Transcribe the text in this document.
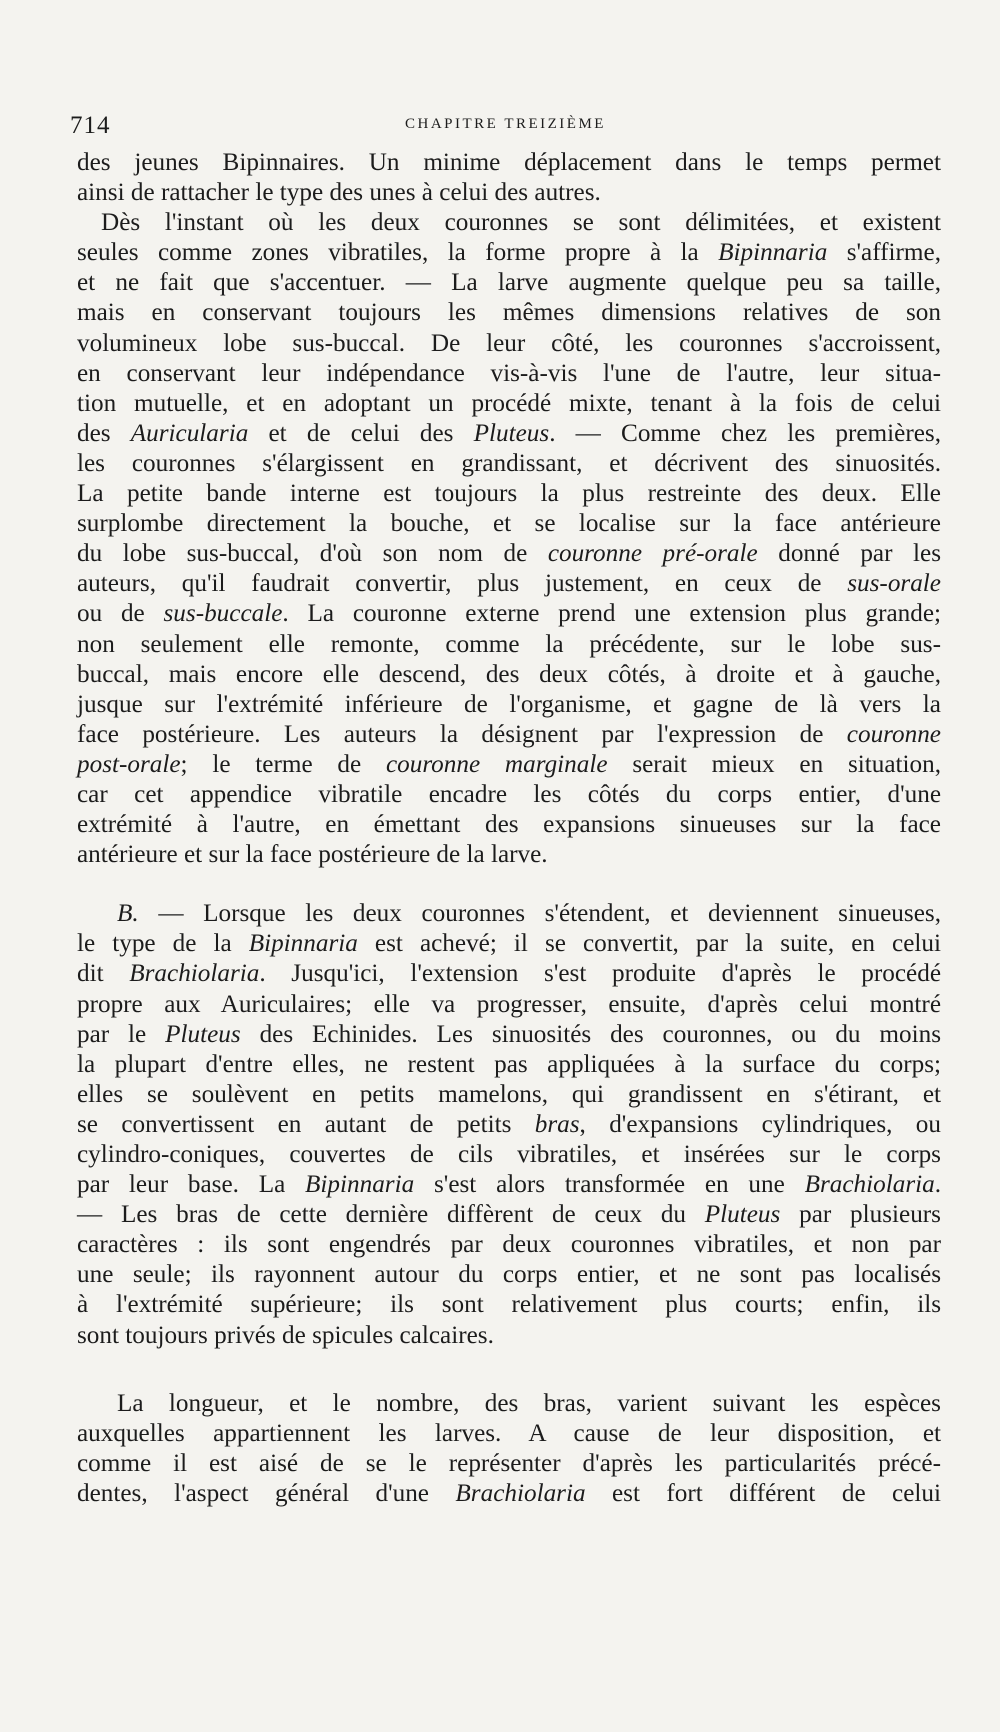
714	CHAPITRE TREIZIÈME
des jeunes Bipinnaires. Un minime déplacement dans le temps permet
ainsi de rattacher le type des unes à celui des autres.
Dès l'instant où les deux couronnes se sont délimitées, et existent
seules comme zones vibratiles, la forme propre à la Bipinnaria s'affirme,
et ne fait que s'accentuer. — La larve augmente quelque peu sa taille,
mais en conservant toujours les mêmes dimensions relatives de son
volumineux lobe sus-buccal. De leur côté, les couronnes s'accroissent,
en conservant leur indépendance vis-à-vis l'une de l'autre, leur situa-
tion mutuelle, et en adoptant un procédé mixte, tenant à la fois de celui
des Auricularia et de celui des Pluteus. — Comme chez les premières,
les couronnes s'élargissent en grandissant, et décrivent des sinuosités.
La petite bande interne est toujours la plus restreinte des deux. Elle
surplombe directement la bouche, et se localise sur la face antérieure
du lobe sus-buccal, d'où son nom de couronne pré-orale donné par les
auteurs, qu'il faudrait convertir, plus justement, en ceux de sus-orale
ou de sus-buccale. La couronne externe prend une extension plus grande;
non seulement elle remonte, comme la précédente, sur le lobe sus-
buccal, mais encore elle descend, des deux côtés, à droite et à gauche,
jusque sur l'extrémité inférieure de l'organisme, et gagne de là vers la
face postérieure. Les auteurs la désignent par l'expression de couronne
post-orale; le terme de couronne marginale serait mieux en situation,
car cet appendice vibratile encadre les côtés du corps entier, d'une
extrémité à l'autre, en émettant des expansions sinueuses sur la face
antérieure et sur la face postérieure de la larve.
B. — Lorsque les deux couronnes s'étendent, et deviennent sinueuses,
le type de la Bipinnaria est achevé; il se convertit, par la suite, en celui
dit Brachiolaria. Jusqu'ici, l'extension s'est produite d'après le procédé
propre aux Auriculaires; elle va progresser, ensuite, d'après celui montré
par le Pluteus des Echinides. Les sinuosités des couronnes, ou du moins
la plupart d'entre elles, ne restent pas appliquées à la surface du corps;
elles se soulèvent en petits mamelons, qui grandissent en s'étirant, et
se convertissent en autant de petits bras, d'expansions cylindriques, ou
cylindro-coniques, couvertes de cils vibratiles, et insérées sur le corps
par leur base. La Bipinnaria s'est alors transformée en une Brachiolaria.
— Les bras de cette dernière diffèrent de ceux du Pluteus par plusieurs
caractères : ils sont engendrés par deux couronnes vibratiles, et non par
une seule; ils rayonnent autour du corps entier, et ne sont pas localisés
à l'extrémité supérieure; ils sont relativement plus courts; enfin, ils
sont toujours privés de spicules calcaires.
La longueur, et le nombre, des bras, varient suivant les espèces
auxquelles appartiennent les larves. A cause de leur disposition, et
comme il est aisé de se le représenter d'après les particularités précé-
dentes, l'aspect général d'une Brachiolaria est fort différent de celui
